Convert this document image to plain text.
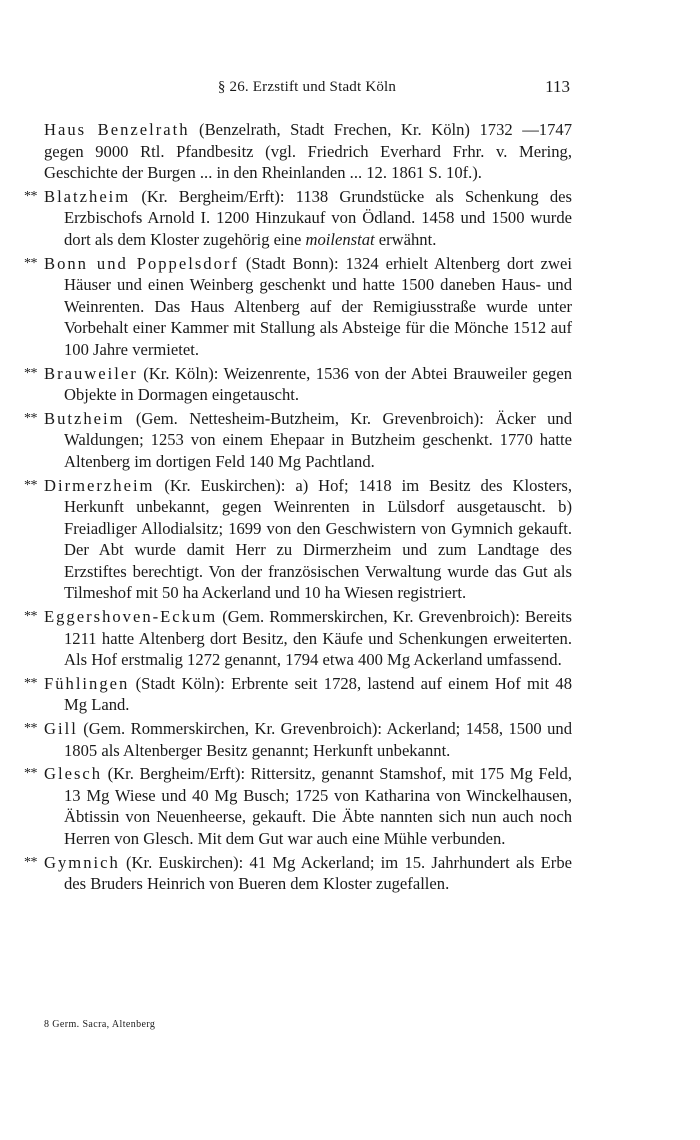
§ 26. Erzstift und Stadt Köln	113

Haus Benzelrath (Benzelrath, Stadt Frechen, Kr. Köln) 1732 —1747 gegen 9000 Rtl. Pfandbesitz (vgl. Friedrich Everhard Frhr. v. Mering, Geschichte der Burgen ... in den Rheinlanden ... 12. 1861 S. 10f.).

** Blatzheim (Kr. Bergheim/Erft): 1138 Grundstücke als Schenkung des Erzbischofs Arnold I. 1200 Hinzukauf von Ödland. 1458 und 1500 wurde dort als dem Kloster zugehörig eine moilenstat erwähnt.

** Bonn und Poppelsdorf (Stadt Bonn): 1324 erhielt Altenberg dort zwei Häuser und einen Weinberg geschenkt und hatte 1500 daneben Haus- und Weinrenten. Das Haus Altenberg auf der Remigiusstraße wurde unter Vorbehalt einer Kammer mit Stallung als Absteige für die Mönche 1512 auf 100 Jahre vermietet.

** Brauweiler (Kr. Köln): Weizenrente, 1536 von der Abtei Brauweiler gegen Objekte in Dormagen eingetauscht.

** Butzheim (Gem. Nettesheim-Butzheim, Kr. Grevenbroich): Äcker und Waldungen; 1253 von einem Ehepaar in Butzheim geschenkt. 1770 hatte Altenberg im dortigen Feld 140 Mg Pachtland.

** Dirmerzheim (Kr. Euskirchen): a) Hof; 1418 im Besitz des Klosters, Herkunft unbekannt, gegen Weinrenten in Lülsdorf ausgetauscht. b) Freiadliger Allodialsitz; 1699 von den Geschwistern von Gymnich gekauft. Der Abt wurde damit Herr zu Dirmerzheim und zum Landtage des Erzstiftes berechtigt. Von der französischen Verwaltung wurde das Gut als Tilmeshof mit 50 ha Ackerland und 10 ha Wiesen registriert.

** Eggershoven-Eckum (Gem. Rommerskirchen, Kr. Grevenbroich): Bereits 1211 hatte Altenberg dort Besitz, den Käufe und Schenkungen erweiterten. Als Hof erstmalig 1272 genannt, 1794 etwa 400 Mg Ackerland umfassend.

** Fühlingen (Stadt Köln): Erbrente seit 1728, lastend auf einem Hof mit 48 Mg Land.

** Gill (Gem. Rommerskirchen, Kr. Grevenbroich): Ackerland; 1458, 1500 und 1805 als Altenberger Besitz genannt; Herkunft unbekannt.

** Glesch (Kr. Bergheim/Erft): Rittersitz, genannt Stamshof, mit 175 Mg Feld, 13 Mg Wiese und 40 Mg Busch; 1725 von Katharina von Winckelhausen, Äbtissin von Neuenheerse, gekauft. Die Äbte nannten sich nun auch noch Herren von Glesch. Mit dem Gut war auch eine Mühle verbunden.

** Gymnich (Kr. Euskirchen): 41 Mg Ackerland; im 15. Jahrhundert als Erbe des Bruders Heinrich von Bueren dem Kloster zugefallen.

8 Germ. Sacra, Altenberg
